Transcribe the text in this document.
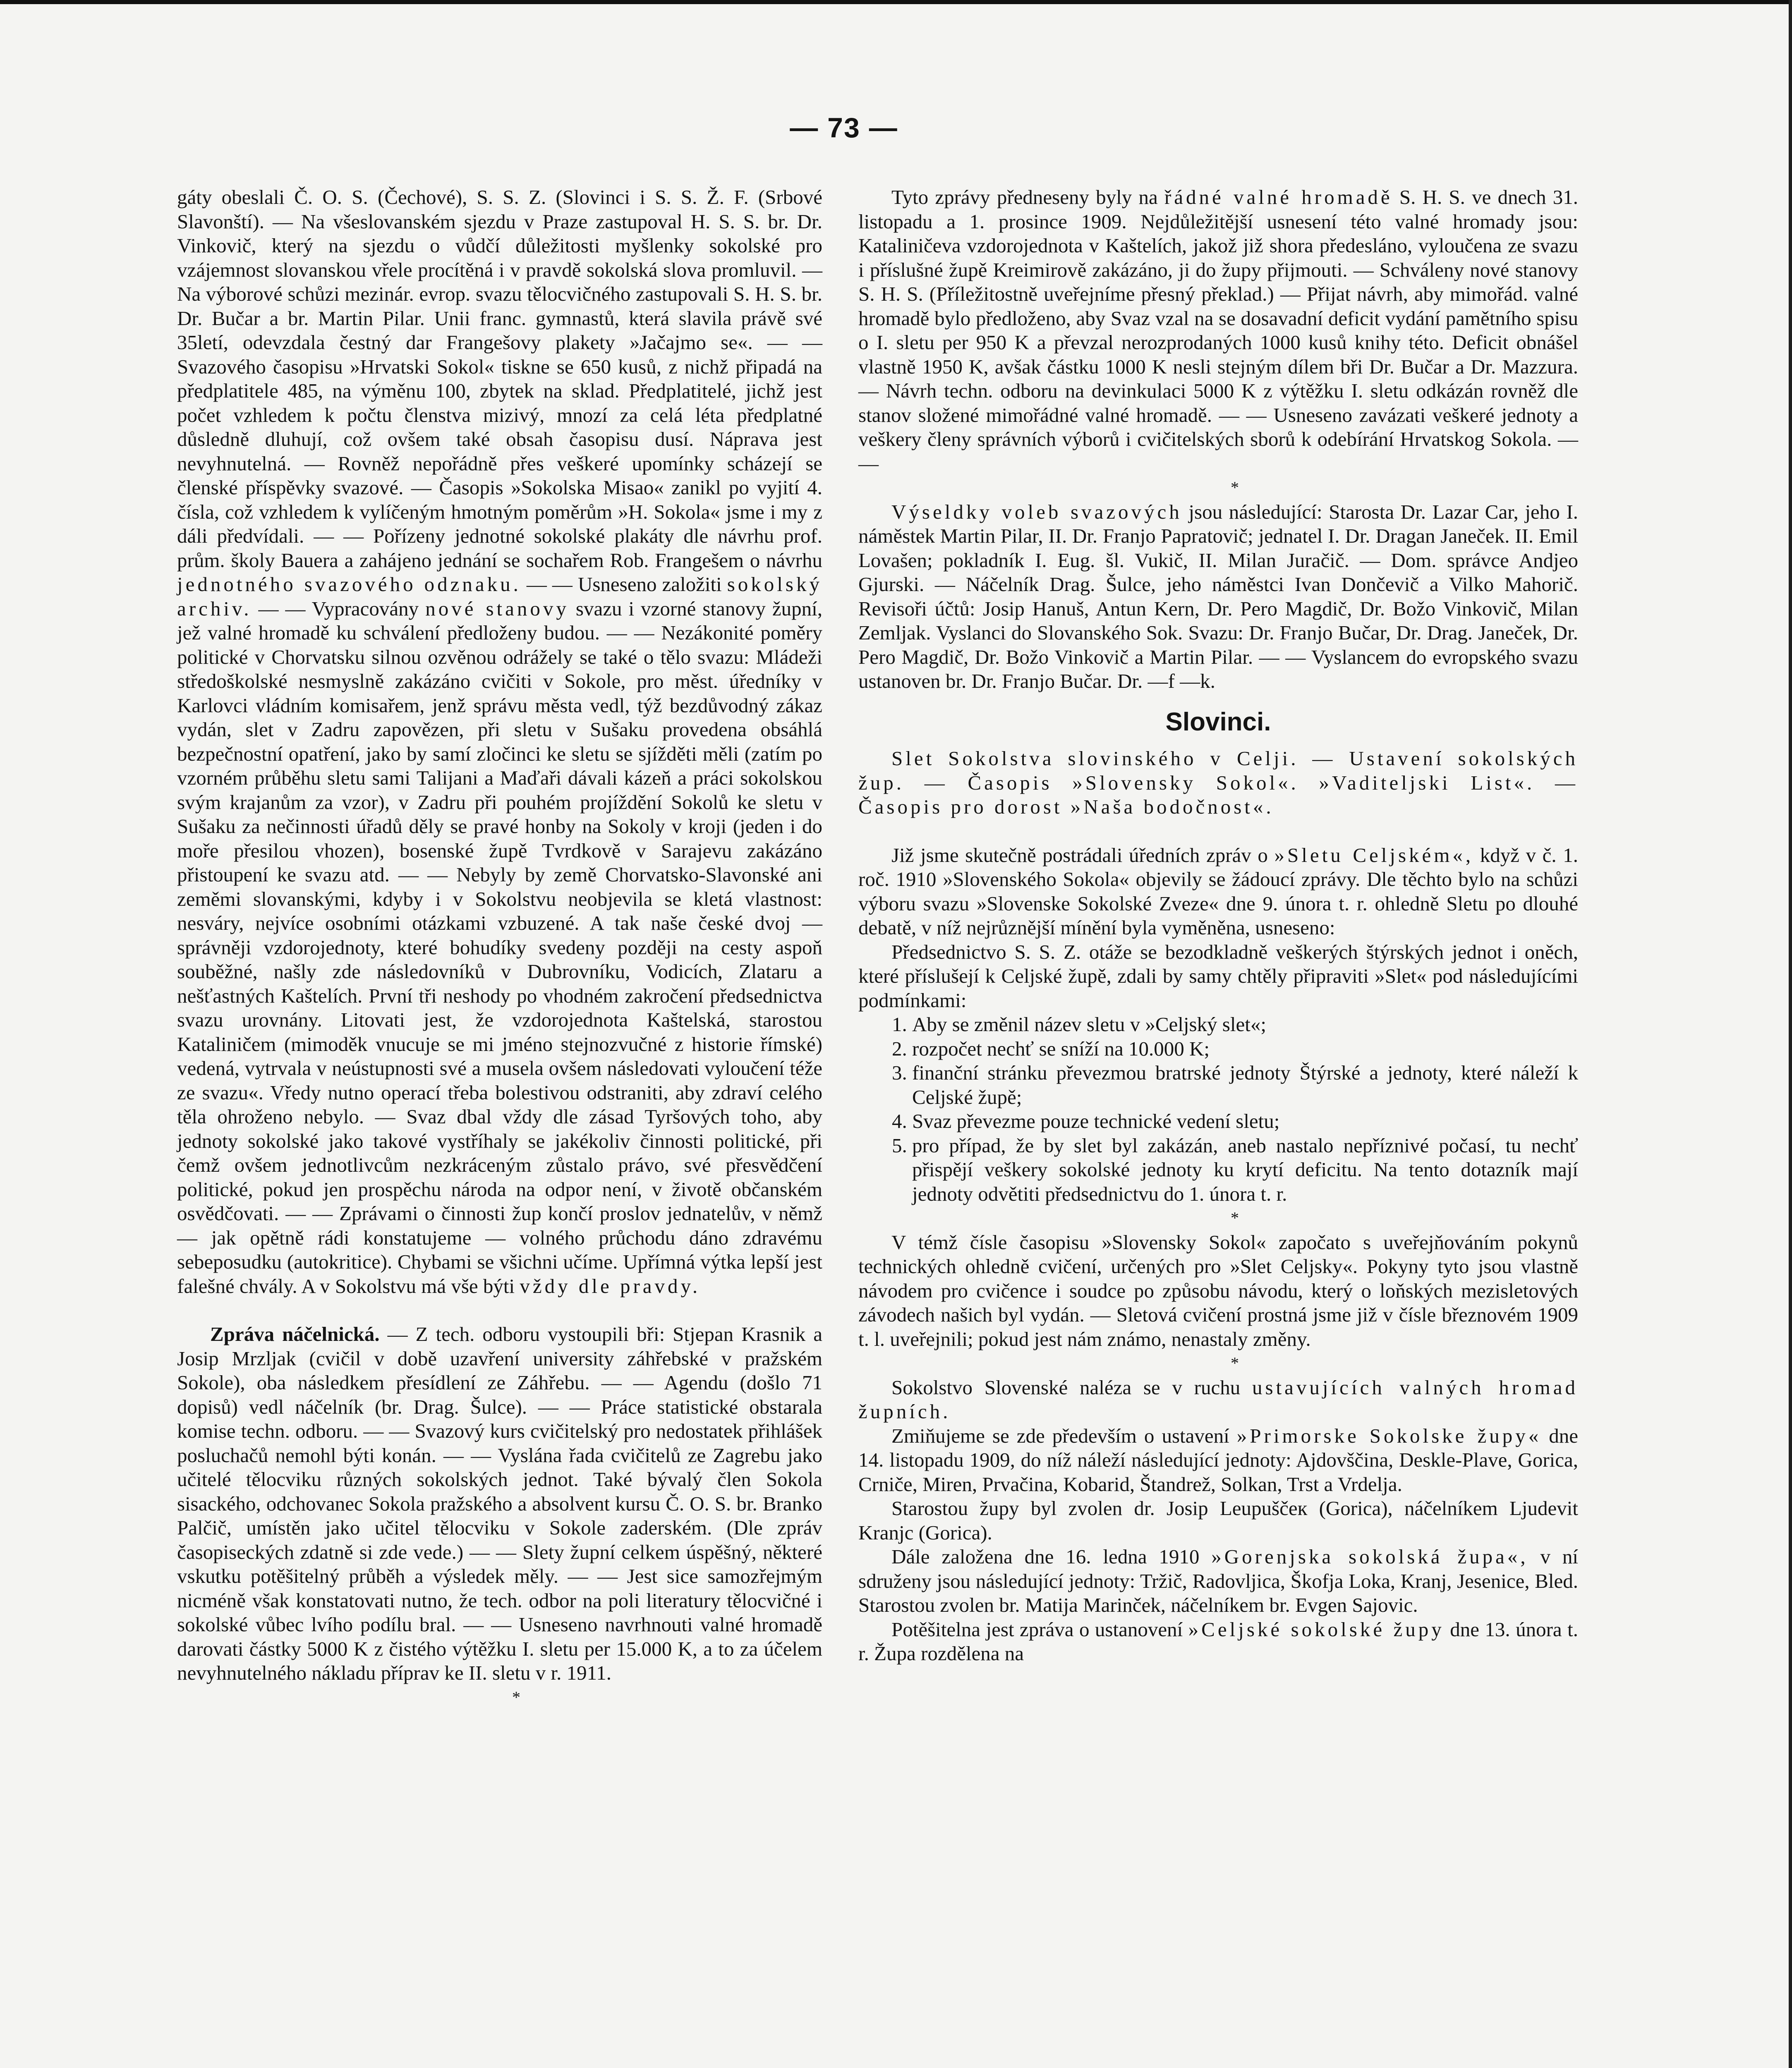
— 73 —

gáty obeslali Č. O. S. (Čechové), S. S. Z. (Slovinci i S. S. Ž. F. (Srbové Slavonští). — Na všeslovanském sjezdu v Praze zastupoval H. S. S. br. Dr. Vinkovič, který na sjezdu o vůdčí důležitosti myšlenky sokolské pro vzájemnost slovanskou vřele procítěná i v pravdě sokolská slova promluvil. — Na výborové schůzi mezinár. evrop. svazu tělocvičného zastupovali S. H. S. br. Dr. Bučar a br. Martin Pilar. Unii franc. gymnastů, která slavila právě své 35letí, odevzdala čestný dar Frangešovy plakety »Jačajmo se«. — — Svazového časopisu »Hrvatski Sokol« tiskne se 650 kusů, z nichž připadá na předplatitele 485, na výměnu 100, zbytek na sklad. Předplatitelé, jichž jest počet vzhledem k počtu členstva mizivý, mnozí za celá léta předplatné důsledně dluhují, což ovšem také obsah časopisu dusí. Náprava jest nevyhnutelná. — Rovněž nepořádně přes veškeré upomínky scházejí se členské příspěvky svazové. — Časopis »Sokolska Misao« zanikl po vyjití 4. čísla, což vzhledem k vylíčeným hmotným poměrům »H. Sokola« jsme i my z dáli předvídali. — — Pořízeny jednotné sokolské plakáty dle návrhu prof. prům. školy Bauera a zahájeno jednání se sochařem Rob. Frangešem o návrhu jednotného svazového odznaku. — — Usneseno založiti sokolský archiv. — — Vypracovány nové stanovy svazu i vzorné stanovy župní, jež valné hromadě ku schválení předloženy budou. — — Nezákonité poměry politické v Chorvatsku silnou ozvěnou odrážely se také o tělo svazu: Mládeži středoškolské nesmyslně zakázáno cvičiti v Sokole, pro měst. úředníky v Karlovci vládním komisařem, jenž správu města vedl, týž bezdůvodný zákaz vydán, slet v Zadru zapovězen, při sletu v Sušaku provedena obsáhlá bezpečnostní opatření, jako by samí zločinci ke sletu se sjížděti měli (zatím po vzorném průběhu sletu sami Taliјani a Maďaři dávali kázeň a práci sokolskou svým krajanům za vzor), v Zadru při pouhém projíždění Sokolů ke sletu v Sušaku za nečinnosti úřadů děly se pravé honby na Sokoly v kroji (jeden i do moře přesilou vhozen), bosenské župě Tvrdkově v Sarajevu zakázáno přistoupení ke svazu atd. — — Nebyly by země Chorvatsko-Slavonské ani zeměmi slovanskými, kdyby i v Sokolstvu neobjevila se kletá vlastnost: nesváry, nejvíce osobními otázkami vzbuzené. A tak naše české dvoj — správněji vzdorojednoty, které bohudíky svedeny později na cesty aspoň souběžné, našly zde následovníků v Dubrovníku, Vodicích, Zlataru a nešťastných Kaštelích. První tři neshody po vhodném zakročení předsednictva svazu urovnány. Litovati jest, že vzdorojednota Kaštelská, starostou Kataliničem (mimoděk vnucuje se mi jméno stejnozvučné z historie římské) vedená, vytrvala v neústupnosti své a musela ovšem následovati vyloučení téže ze svazu«. Vředy nutno operací třeba bolestivou odstraniti, aby zdraví celého těla ohroženo nebylo. — Svaz dbal vždy dle zásad Tyršových toho, aby jednoty sokolské jako takové vystříhaly se jakékoliv činnosti politické, při čemž ovšem jednotlivcům nezkráceným zůstalo právo, své přesvědčení politické, pokud jen prospěchu národa na odpor není, v životě občanském osvědčovati. — — Zprávami o činnosti žup končí proslov jednatelův, v němž — jak opětně rádi konstatujeme — volného průchodu dáno zdravému sebeposudku (autokritice). Chybami se všichni učíme. Upřímná výtka lepší jest falešné chvály. A v Sokolstvu má vše býti vždy dle pravdy.

Zpráva náčelnická. — Z tech. odboru vystoupili bři: Stjepan Krasnik a Josip Mrzljak (cvičil v době uzavření university záhřebské v pražském Sokole), oba následkem přesídlení ze Záhřebu. — — Agendu (došlo 71 dopisů) vedl náčelník (br. Drag. Šulce). — — Práce statistické obstarala komise techn. odboru. — — Svazový kurs cvičitelský pro nedostatek přihlášek posluchačů nemohl býti konán. — — Vyslána řada cvičitelů ze Zagrebu jako učitelé tělocviku různých sokolských jednot. Také bývalý člen Sokola sisackého, odchovanec Sokola pražského a absolvent kursu Č. O. S. br. Branko Palčič, umístěn jako učitel tělocviku v Sokole zaderském. (Dle zpráv časopiseckých zdatně si zde vede.) — — Slety župní celkem úspěšný, některé vskutku potěšitelný průběh a výsledek měly. — — Jest sice samozřejmým nicméně však konstatovati nutno, že tech. odbor na poli literatury tělocvičné i sokolské vůbec lvího podílu bral. — — Usneseno navrhnouti valné hromadě darovati částky 5000 K z čistého výtěžku I. sletu per 15.000 K, a to za účelem nevyhnutelného nákladu příprav ke II. sletu v r. 1911.

*

Tyto zprávy předneseny byly na řádné valné hromadě S. H. S. ve dnech 31. listopadu a 1. prosince 1909. Nejdůležitější usnesení této valné hromady jsou: Kataliničeva vzdorojednota v Kaštelích, jakož již shora předesláno, vyloučena ze svazu i příslušné župě Kreimirově zakázáno, ji do župy přijmouti. — Schváleny nové stanovy S. H. S. (Příležitostně uveřejníme přesný překlad.) — Přijat návrh, aby mimořád. valné hromadě bylo předloženo, aby Svaz vzal na se dosavadní deficit vydání pamětního spisu o I. sletu per 950 K a převzal nerozprodaných 1000 kusů knihy této. Deficit obnášel vlastně 1950 K, avšak částku 1000 K nesli stejným dílem bři Dr. Bučar a Dr. Mazzura. — Návrh techn. odboru na devinkulaci 5000 K z výtěžku I. sletu odkázán rovněž dle stanov složené mimořádné valné hromadě. — — Usneseno zavázati veškeré jednoty a veškery členy správních výborů i cvičitelských sborů k odebírání Hrvatskog Sokola. — —

*

Výseldky voleb svazových jsou následující: Starosta Dr. Lazar Car, jeho I. náměstek Martin Pilar, II. Dr. Franjo Papratovič; jednatel I. Dr. Dragan Janeček. II. Emil Lovašen; pokladník I. Eug. šl. Vukič, II. Milan Juračič. — Dom. správce Andjeo Gjurski. — Náčelník Drag. Šulce, jeho náměstci Ivan Dončevič a Vilko Mahorič. Revisoři účtů: Josip Hanuš, Antun Kern, Dr. Pero Magdič, Dr. Božo Vinkovič, Milan Zemljak. Vyslanci do Slovanského Sok. Svazu: Dr. Franjo Bučar, Dr. Drag. Janeček, Dr. Pero Magdič, Dr. Božo Vinkovič a Martin Pilar. — — Vyslancem do evropského svazu ustanoven br. Dr. Franjo Bučar. Dr. —f —k.

Slovinci.

Slet Sokolstva slovinského v Celji. — Ustavení sokolských žup. — Časopis »Slovensky Sokol«. »Vaditeljski List«. — Časopis pro dorost »Naša bodočnost«.

Již jsme skutečně postrádali úředních zpráv o »Sletu Celjském«, když v č. 1. roč. 1910 »Slovenského Sokola« objevily se žádoucí zprávy. Dle těchto bylo na schůzi výboru svazu »Slovenske Sokolské Zveze« dne 9. února t. r. ohledně Sletu po dlouhé debatě, v níž nejrůznější mínění byla vyměněna, usneseno:

Předsednictvo S. S. Z. otáže se bezodkladně veškerých štýrských jednot i oněch, které příslušejí k Celjské župě, zdali by samy chtěly připraviti »Slet« pod následujícími podmínkami:

1. Aby se změnil název sletu v »Celjský slet«;
2. rozpočet nechť se sníží na 10.000 K;
3. finanční stránku převezmou bratrské jednoty Štýrské a jednoty, které náleží k Celjské župě;
4. Svaz převezme pouze technické vedení sletu;
5. pro případ, že by slet byl zakázán, aneb nastalo nepříznivé počasí, tu nechť přispějí veškery sokolské jednoty ku krytí deficitu. Na tento dotazník mají jednoty odvětiti předsednictvu do 1. února t. r.

*

V témž čísle časopisu »Slovensky Sokol« započato s uveřejňováním pokynů technických ohledně cvičení, určených pro »Slet Celjsky«. Pokyny tyto jsou vlastně návodem pro cvičence i soudce po způsobu návodu, který o loňských mezisletových závodech našich byl vydán. — Sletová cvičení prostná jsme již v čísle březnovém 1909 t. l. uveřejnili; pokud jest nám známo, nenastaly změny.

*

Sokolstvo Slovenské naléza se v ruchu ustavujících valných hromad župních.

Zmiňujeme se zde především o ustavení »Primorske Sokolske župy« dne 14. listopadu 1909, do níž náleží následující jednoty: Ajdovščina, Deskle-Plave, Gorica, Crniče, Miren, Prvačina, Kobarid, Štandrež, Solkan, Trst a Vrdelja.

Starostou župy byl zvolen dr. Josip Leupuščeк (Gorica), náčelníkem Ljudevit Kranjc (Gorica).

Dále založena dne 16. ledna 1910 »Gorenjska sokolská župa«, v ní sdruženy jsou následující jednoty: Tržič, Radovljica, Škofja Loka, Kranj, Jesenice, Bled. Starostou zvolen br. Matija Marinček, náčelníkem br. Evgen Sajovic.

Potěšitelna jest zpráva o ustanovení »Celjské sokolské župy dne 13. února t. r. Župa rozdělena na
